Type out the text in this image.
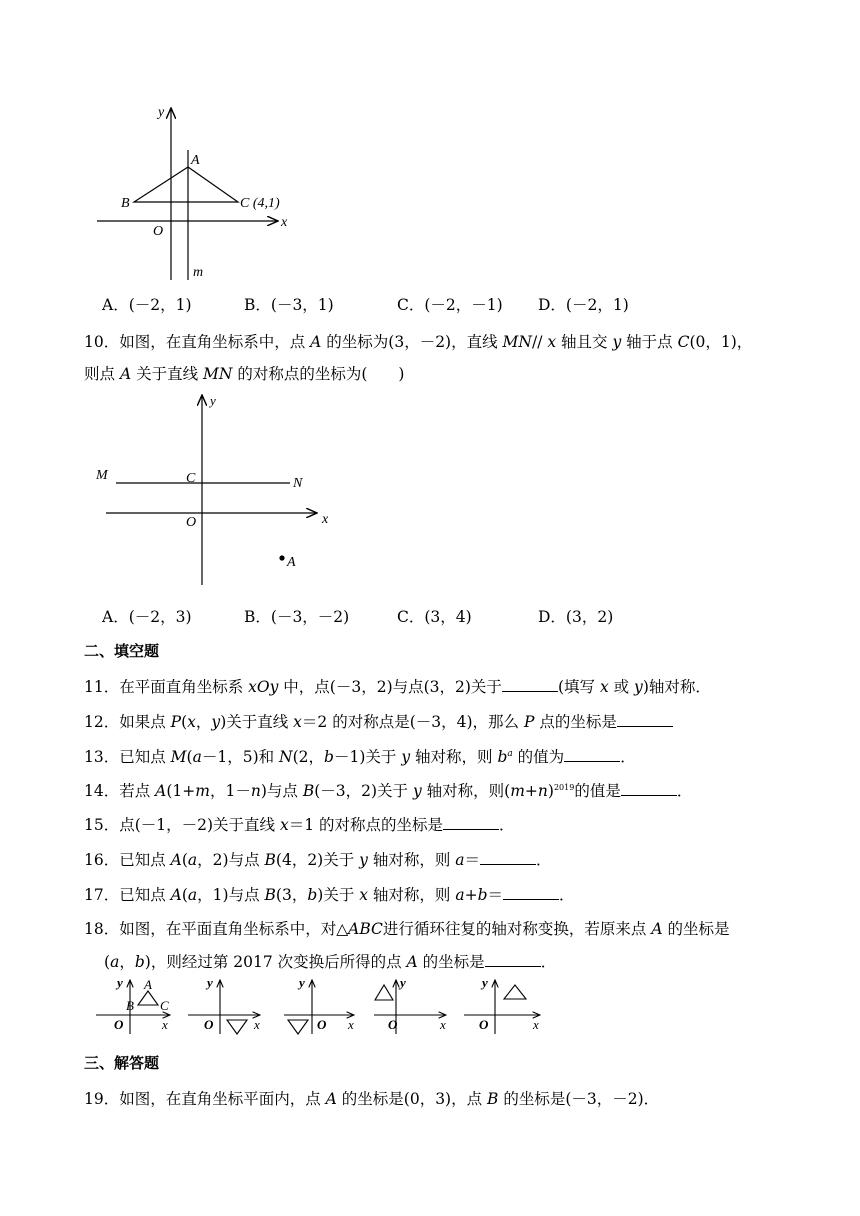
y
x
A
B	C (4,1)
O
m
A．(－2，1)	B．(－3，1)	C．(－2，－1) D．(－2，1)
10．如图，在直角坐标系中，点 A 的坐标为(3，－2)，直线 MN// x 轴且交 y 轴于点 C(0，1)，
则点 A 关于直线 MN 的对称点的坐标为(　　)
y
x
M
N
C
O
A
A．(－2，3)	B．(－3，－2)	C．(3，4)	D．(3，2)
二、填空题
11．在平面直角坐标系 xOy 中，点(－3，2)与点(3，2)关于	(填写 x 或 y)轴对称．
12．如果点 P(x，y)关于直线 x＝2 的对称点是(－3，4)，那么 P 点的坐标是
13．已知点 M(a－1，5)和 N(2，b－1)关于 y 轴对称，则 $b^a$ 的值为	．
14．若点 A(1+m，1－n)与点 B(－3，2)关于 y 轴对称，则$(m+n)^{2019}$的值是	．
15．点(－1，－2)关于直线 x＝1 的对称点的坐标是	．
16．已知点 A(a，2)与点 B(4，2)关于 y 轴对称，则 a＝	．
17．已知点 A(a，1)与点 B(3，b)关于 x 轴对称，则 a+b＝	．
18．如图，在平面直角坐标系中，对△ABC进行循环往复的轴对称变换，若原来点 A 的坐标是
(a，b)，则经过第 2017 次变换后所得的点 A 的坐标是	．
y A
B C
O	x
y
O	x
y
O x
y
O	x
y
O	x
三、解答题
19．如图，在直角坐标平面内，点 A 的坐标是(0，3)，点 B 的坐标是(－3，－2)．
